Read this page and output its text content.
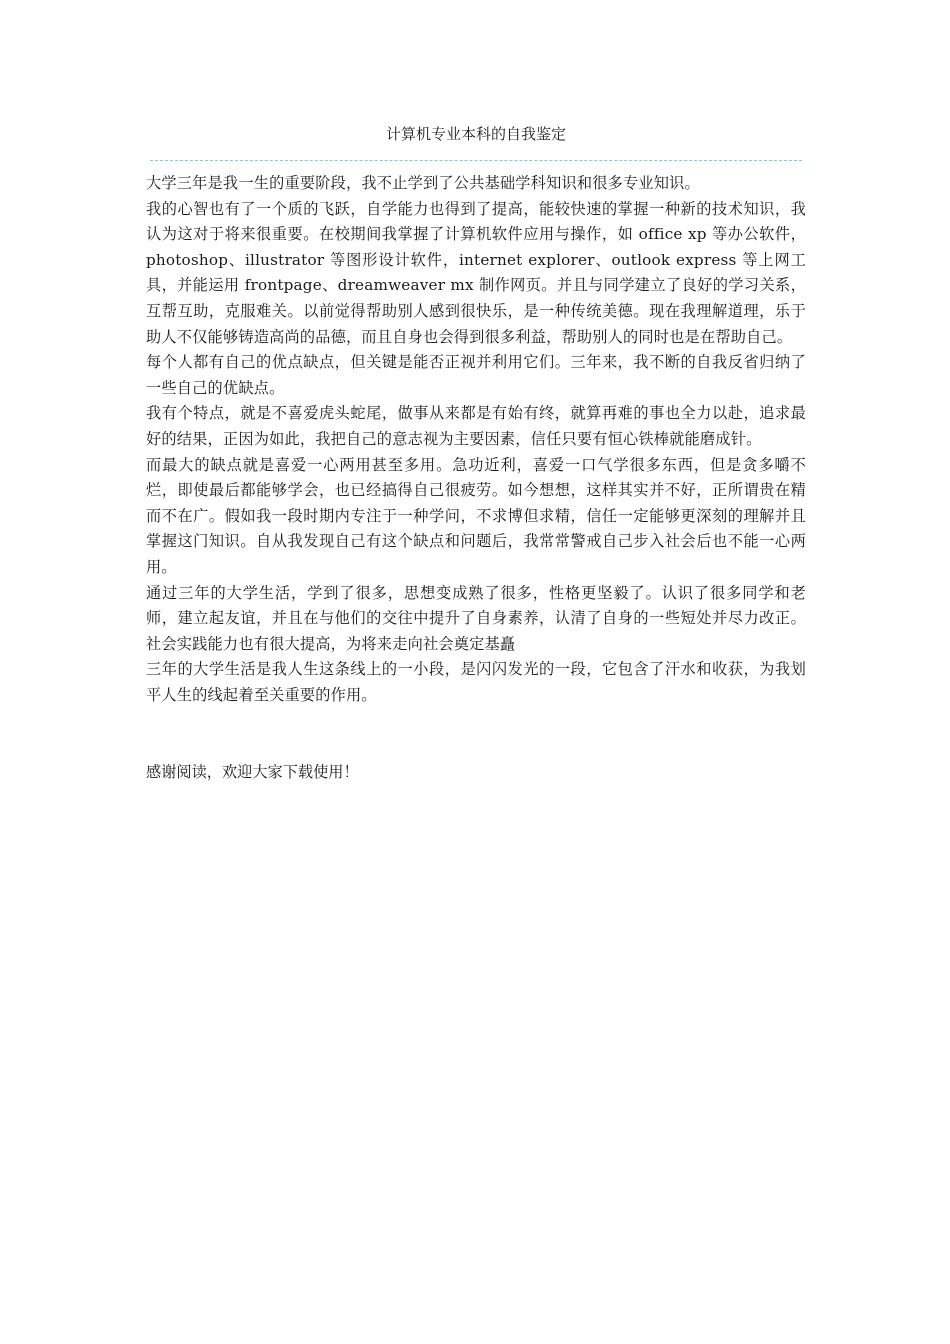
计算机专业本科的自我鉴定

大学三年是我一生的重要阶段，我不止学到了公共基础学科知识和很多专业知识。

我的心智也有了一个质的飞跃，自学能力也得到了提高，能较快速的掌握一种新的技术知识，我认为这对于将来很重要。在校期间我掌握了计算机软件应用与操作，如 office xp 等办公软件，photoshop、illustrator 等图形设计软件，internet explorer、outlook express 等上网工具，并能运用 frontpage、dreamweaver mx 制作网页。并且与同学建立了良好的学习关系，互帮互助，克服难关。以前觉得帮助别人感到很快乐，是一种传统美德。现在我理解道理，乐于助人不仅能够铸造高尚的品德，而且自身也会得到很多利益，帮助别人的同时也是在帮助自己。

每个人都有自己的优点缺点，但关键是能否正视并利用它们。三年来，我不断的自我反省归纳了一些自己的优缺点。

我有个特点，就是不喜爱虎头蛇尾，做事从来都是有始有终，就算再难的事也全力以赴，追求最好的结果，正因为如此，我把自己的意志视为主要因素，信任只要有恒心铁棒就能磨成针。

而最大的缺点就是喜爱一心两用甚至多用。急功近利，喜爱一口气学很多东西，但是贪多嚼不烂，即使最后都能够学会，也已经搞得自己很疲劳。如今想想，这样其实并不好，正所谓贵在精而不在广。假如我一段时期内专注于一种学问，不求博但求精，信任一定能够更深刻的理解并且掌握这门知识。自从我发现自己有这个缺点和问题后，我常常警戒自己步入社会后也不能一心两用。

通过三年的大学生活，学到了很多，思想变成熟了很多，性格更坚毅了。认识了很多同学和老师，建立起友谊，并且在与他们的交往中提升了自身素养，认清了自身的一些短处并尽力改正。社会实践能力也有很大提高，为将来走向社会奠定基矗

三年的大学生活是我人生这条线上的一小段，是闪闪发光的一段，它包含了汗水和收获，为我划平人生的线起着至关重要的作用。

感谢阅读，欢迎大家下载使用！
